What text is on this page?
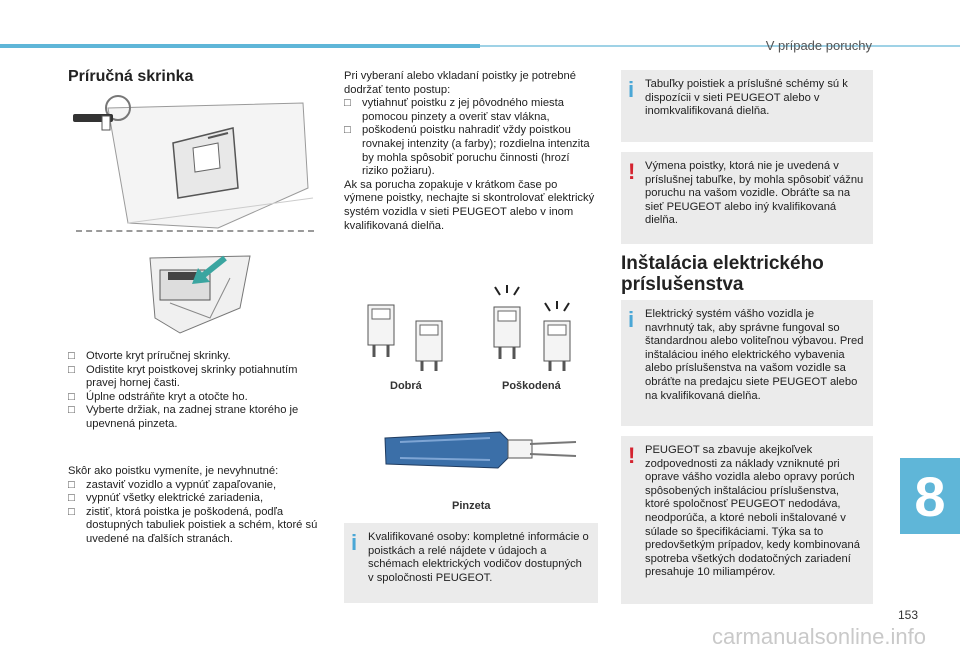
V prípade poruchy
Príručná skrinka

□ Otvorte kryt príručnej skrinky.

□ Odistite kryt poistkovej skrinky potiahnutím pravej hornej časti.

□ Úplne odstráňte kryt a otočte ho.

□ Vyberte držiak, na zadnej strane ktorého je upevnená pinzeta.

Skôr ako poistku vymeníte, je nevyhnutné:

□ zastaviť vozidlo a vypnúť zapaľovanie,

□ vypnúť všetky elektrické zariadenia,

□ zistiť, ktorá poistka je poškodená, podľa dostupných tabuliek poistiek a schém, ktoré sú uvedené na ďalších stranách.

Pri vyberaní alebo vkladaní poistky je potrebné dodržať tento postup:

□ vytiahnuť poistku z jej pôvodného miesta pomocou pinzety a overiť stav vlákna,

□ poškodenú poistku nahradiť vždy poistkou rovnakej intenzity (a farby); rozdielna intenzita by mohla spôsobiť poruchu činnosti (hrozí riziko požiaru).

Ak sa porucha zopakuje v krátkom čase po výmene poistky, nechajte si skontrolovať elektrický systém vozidla v sieti PEUGEOT alebo v inom kvalifikovaná dielňa.

Dobrá	Poškodená
Pinzeta
i Kvalifikované osoby: kompletné informácie o poistkách a relé nájdete v údajoch a schémach elektrických vodičov dostupných v spoločnosti PEUGEOT.
i Tabuľky poistiek a príslušné schémy sú k dispozícii v sieti PEUGEOT alebo v inomkvalifikovaná dielňa.
! Výmena poistky, ktorá nie je uvedená v príslušnej tabuľke, by mohla spôsobiť vážnu poruchu na vašom vozidle. Obráťte sa na sieť PEUGEOT alebo iný kvalifikovaná dielňa.
Inštalácia elektrického príslušenstva
i Elektrický systém vášho vozidla je navrhnutý tak, aby správne fungoval so štandardnou alebo voliteľnou výbavou. Pred inštaláciou iného elektrického vybavenia alebo príslušenstva na vašom vozidle sa obráťte na predajcu siete PEUGEOT alebo na kvalifikovaná dielňa.
! PEUGEOT sa zbavuje akejkoľvek zodpovednosti za náklady vzniknuté pri oprave vášho vozidla alebo opravy porúch spôsobených inštaláciou príslušenstva, ktoré spoločnosť PEUGEOT nedodáva, neodporúča, a ktoré neboli inštalované v súlade so špecifikáciami. Týka sa to predovšetkým prípadov, kedy kombinovaná spotreba všetkých dodatočných zariadení presahuje 10 miliampérov.
8
153
carmanualsonline.info
